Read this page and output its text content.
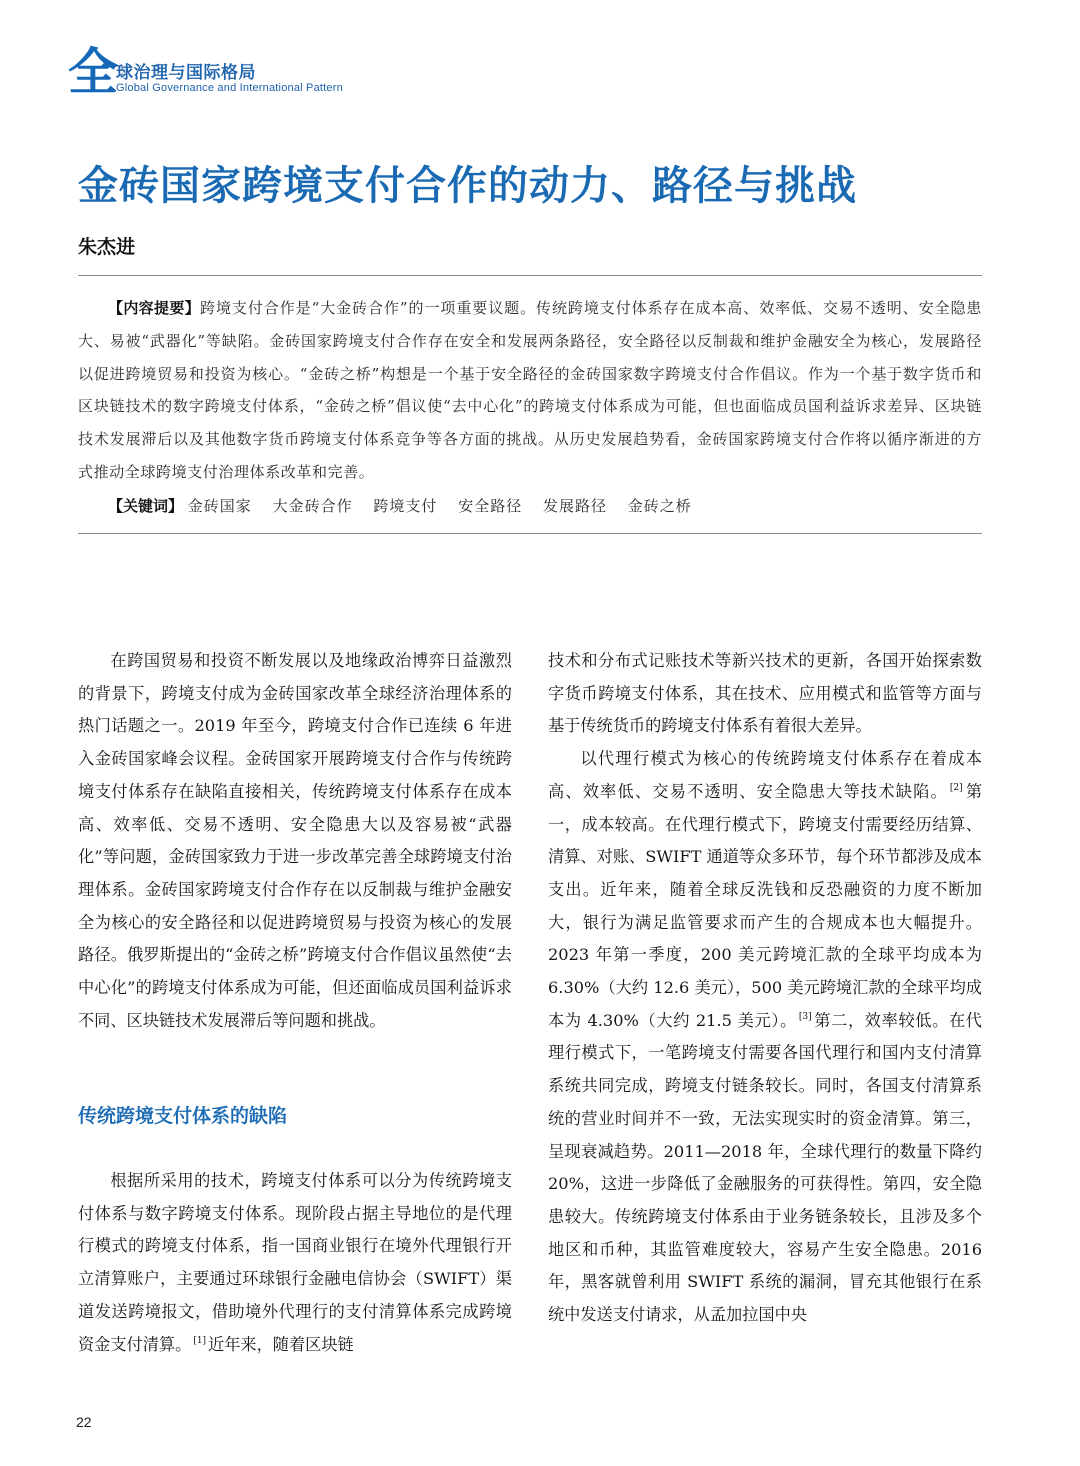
全
球治理与国际格局
Global Governance and International Pattern
金砖国家跨境支付合作的动力、路径与挑战
朱杰进
【内容提要】跨境支付合作是“大金砖合作”的一项重要议题。传统跨境支付体系存在成本高、效率低、交易不透明、安全隐患大、易被“武器化”等缺陷。金砖国家跨境支付合作存在安全和发展两条路径，安全路径以反制裁和维护金融安全为核心，发展路径以促进跨境贸易和投资为核心。“金砖之桥”构想是一个基于安全路径的金砖国家数字跨境支付合作倡议。作为一个基于数字货币和区块链技术的数字跨境支付体系，“金砖之桥”倡议使“去中心化”的跨境支付体系成为可能，但也面临成员国利益诉求差异、区块链技术发展滞后以及其他数字货币跨境支付体系竞争等各方面的挑战。从历史发展趋势看，金砖国家跨境支付合作将以循序渐进的方式推动全球跨境支付治理体系改革和完善。
【关键词】 金砖国家 大金砖合作 跨境支付 安全路径 发展路径 金砖之桥

在跨国贸易和投资不断发展以及地缘政治博弈日益激烈的背景下，跨境支付成为金砖国家改革全球经济治理体系的热门话题之一。2019 年至今，跨境支付合作已连续 6 年进入金砖国家峰会议程。金砖国家开展跨境支付合作与传统跨境支付体系存在缺陷直接相关，传统跨境支付体系存在成本高、效率低、交易不透明、安全隐患大以及容易被“武器化”等问题，金砖国家致力于进一步改革完善全球跨境支付治理体系。金砖国家跨境支付合作存在以反制裁与维护金融安全为核心的安全路径和以促进跨境贸易与投资为核心的发展路径。俄罗斯提出的“金砖之桥”跨境支付合作倡议虽然使“去中心化”的跨境支付体系成为可能，但还面临成员国利益诉求不同、区块链技术发展滞后等问题和挑战。

传统跨境支付体系的缺陷

根据所采用的技术，跨境支付体系可以分为传统跨境支付体系与数字跨境支付体系。现阶段占据主导地位的是代理行模式的跨境支付体系，指一国商业银行在境外代理银行开立清算账户，主要通过环球银行金融电信协会（SWIFT）渠道发送跨境报文，借助境外代理行的支付清算体系完成跨境资金支付清算。 [1] 近年来，随着区块链

技术和分布式记账技术等新兴技术的更新，各国开始探索数字货币跨境支付体系，其在技术、应用模式和监管等方面与基于传统货币的跨境支付体系有着很大差异。

以代理行模式为核心的传统跨境支付体系存在着成本高、效率低、交易不透明、安全隐患大等技术缺陷。 [2] 第一，成本较高。在代理行模式下，跨境支付需要经历结算、清算、对账、SWIFT 通道等众多环节，每个环节都涉及成本支出。近年来，随着全球反洗钱和反恐融资的力度不断加大，银行为满足监管要求而产生的合规成本也大幅提升。2023 年第一季度，200 美元跨境汇款的全球平均成本为 6.30%（大约 12.6 美元），500 美元跨境汇款的全球平均成本为 4.30%（大约 21.5 美元）。 [3] 第二，效率较低。在代理行模式下，一笔跨境支付需要各国代理行和国内支付清算系统共同完成，跨境支付链条较长。同时，各国支付清算系统的营业时间并不一致，无法实现实时的资金清算。第三，呈现衰减趋势。2011—2018 年，全球代理行的数量下降约 20%，这进一步降低了金融服务的可获得性。第四，安全隐患较大。传统跨境支付体系由于业务链条较长，且涉及多个地区和币种，其监管难度较大，容易产生安全隐患。2016 年，黑客就曾利用 SWIFT 系统的漏洞，冒充其他银行在系统中发送支付请求，从孟加拉国中央

22
